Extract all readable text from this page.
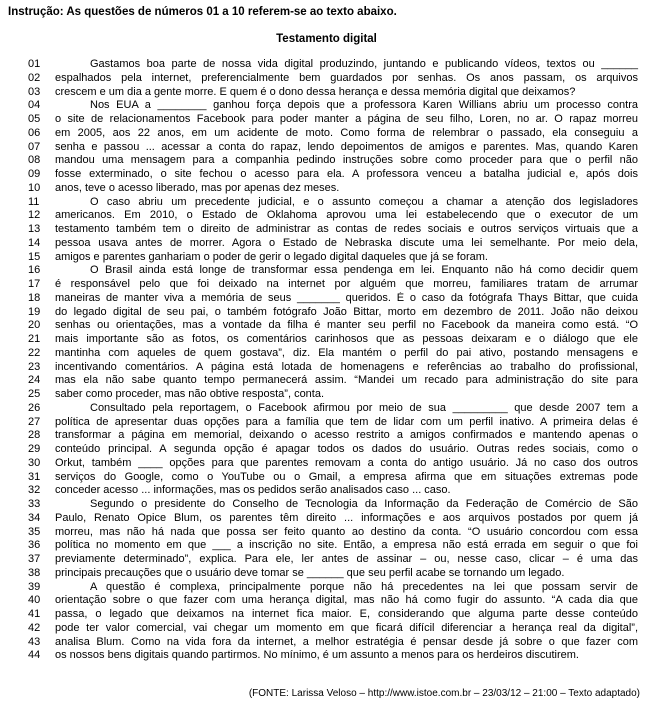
Instrução: As questões de números 01 a 10 referem-se ao texto abaixo.
Testamento digital
01	Gastamos boa parte de nossa vida digital produzindo, juntando e publicando vídeos, textos ou ______
02	espalhados pela internet, preferencialmente bem guardados por senhas. Os anos passam, os arquivos
03	crescem e um dia a gente morre. E quem é o dono dessa herança e dessa memória digital que deixamos?
04	Nos EUA a ________ ganhou força depois que a professora Karen Willians abriu um processo contra
05	o site de relacionamentos Facebook para poder manter a página de seu filho, Loren, no ar. O rapaz morreu
06	em 2005, aos 22 anos, em um acidente de moto. Como forma de relembrar o passado, ela conseguiu a
07	senha e passou ... acessar a conta do rapaz, lendo depoimentos de amigos e parentes. Mas, quando Karen
08	mandou uma mensagem para a companhia pedindo instruções sobre como proceder para que o perfil não
09	fosse exterminado, o site fechou o acesso para ela. A professora venceu a batalha judicial e, após dois
10	anos, teve o acesso liberado, mas por apenas dez meses.
11	O caso abriu um precedente judicial, e o assunto começou a chamar a atenção dos legisladores
12	americanos. Em 2010, o Estado de Oklahoma aprovou uma lei estabelecendo que o executor de um
13	testamento também tem o direito de administrar as contas de redes sociais e outros serviços virtuais que a
14	pessoa usava antes de morrer. Agora o Estado de Nebraska discute uma lei semelhante. Por meio dela,
15	amigos e parentes ganhariam o poder de gerir o legado digital daqueles que já se foram.
16	O Brasil ainda está longe de transformar essa pendenga em lei. Enquanto não há como decidir quem
17	é responsável pelo que foi deixado na internet por alguém que morreu, familiares tratam de arrumar
18	maneiras de manter viva a memória de seus _______ queridos. É o caso da fotógrafa Thays Bittar, que cuida
19	do legado digital de seu pai, o também fotógrafo João Bittar, morto em dezembro de 2011. João não deixou
20	senhas ou orientações, mas a vontade da filha é manter seu perfil no Facebook da maneira como está. “O
21	mais importante são as fotos, os comentários carinhosos que as pessoas deixaram e o diálogo que ele
22	mantinha com aqueles de quem gostava”, diz. Ela mantém o perfil do pai ativo, postando mensagens e
23	incentivando comentários. A página está lotada de homenagens e referências ao trabalho do profissional,
24	mas ela não sabe quanto tempo permanecerá assim. “Mandei um recado para administração do site para
25	saber como proceder, mas não obtive resposta”, conta.
26	Consultado pela reportagem, o Facebook afirmou por meio de sua _________ que desde 2007 tem a
27	política de apresentar duas opções para a família que tem de lidar com um perfil inativo. A primeira delas é
28	transformar a página em memorial, deixando o acesso restrito a amigos confirmados e mantendo apenas o
29	conteúdo principal. A segunda opção é apagar todos os dados do usuário. Outras redes sociais, como o
30	Orkut, também ____ opções para que parentes removam a conta do antigo usuário. Já no caso dos outros
31	serviços do Google, como o YouTube ou o Gmail, a empresa afirma que em situações extremas pode
32	conceder acesso ... informações, mas os pedidos serão analisados caso ... caso.
33	Segundo o presidente do Conselho de Tecnologia da Informação da Federação de Comércio de São
34	Paulo, Renato Opice Blum, os parentes têm direito ... informações e aos arquivos postados por quem já
35	morreu, mas não há nada que possa ser feito quanto ao destino da conta. “O usuário concordou com essa
36	política no momento em que ___ a inscrição no site. Então, a empresa não está errada em seguir o que foi
37	previamente determinado”, explica. Para ele, ler antes de assinar – ou, nesse caso, clicar – é uma das
38	principais precauções que o usuário deve tomar se ______ que seu perfil acabe se tornando um legado.
39	A questão é complexa, principalmente porque não há precedentes na lei que possam servir de
40	orientação sobre o que fazer com uma herança digital, mas não há como fugir do assunto. “A cada dia que
41	passa, o legado que deixamos na internet fica maior. E, considerando que alguma parte desse conteúdo
42	pode ter valor comercial, vai chegar um momento em que ficará difícil diferenciar a herança real da digital”,
43	analisa Blum. Como na vida fora da internet, a melhor estratégia é pensar desde já sobre o que fazer com
44	os nossos bens digitais quando partirmos. No mínimo, é um assunto a menos para os herdeiros discutirem.
(FONTE: Larissa Veloso – http://www.istoe.com.br – 23/03/12 – 21:00 – Texto adaptado)
